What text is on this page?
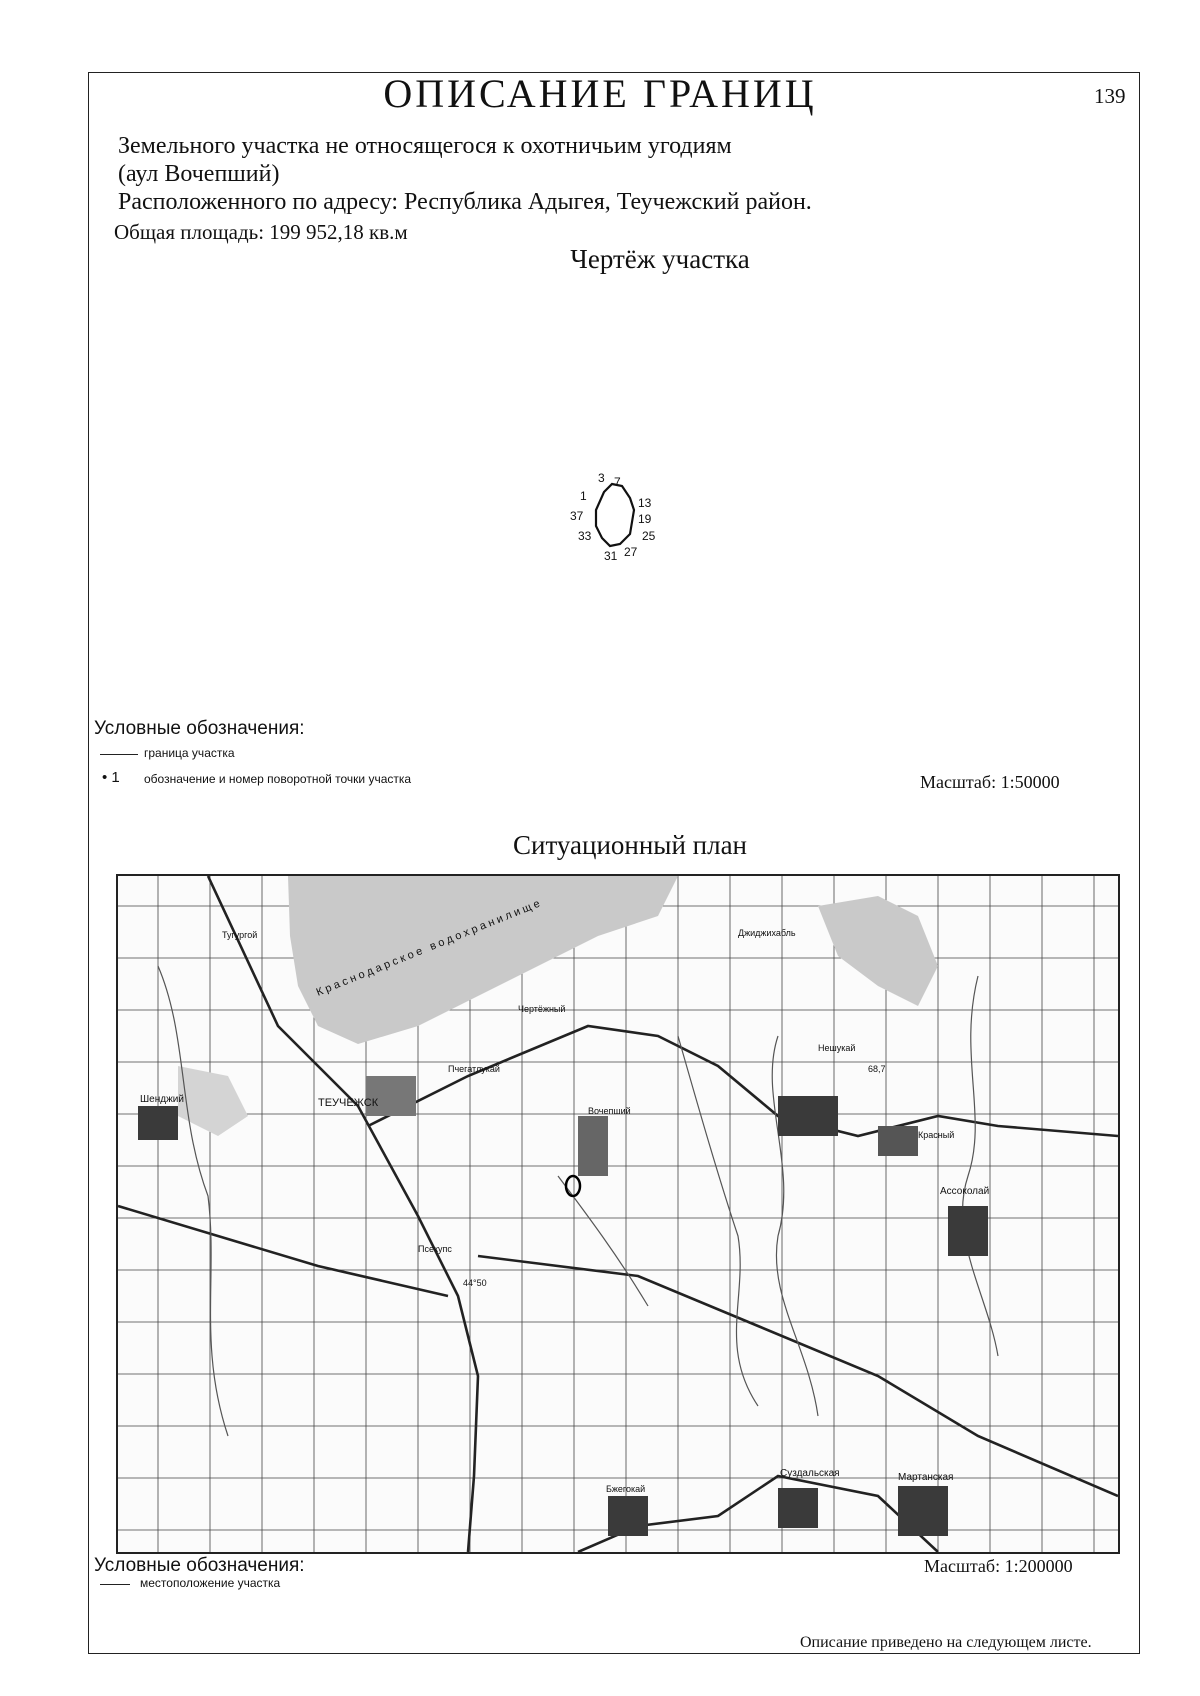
ОПИСАНИЕ ГРАНИЦ	139
Земельного участка не относящегося к охотничьим угодиям
(аул Вочепший)
Расположенного по адресу: Республика Адыгея, Теучежский район.
Общая площадь: 199 952,18 кв.м
Чертёж участка
3 7
1	13
37	19
33	25
31 27
Условные обозначения:
граница участка
• 1 обозначение и номер поворотной точки участка	Масштаб: 1:50000
Ситуационный план
ТЕУЧЕЖСК
Шенджий
Вочепший
Ассоколай
Суздальская	Мартанская
Бжегокай
Псекупс
Краснодарское водохранилище
Чертёжный
Пчегатлукай
Джиджихабль
Нешукай
Красный
Тугургой
44°50
68,7
Условные обозначения:
местоположение участка
Масштаб: 1:200000
Описание приведено на следующем листе.
